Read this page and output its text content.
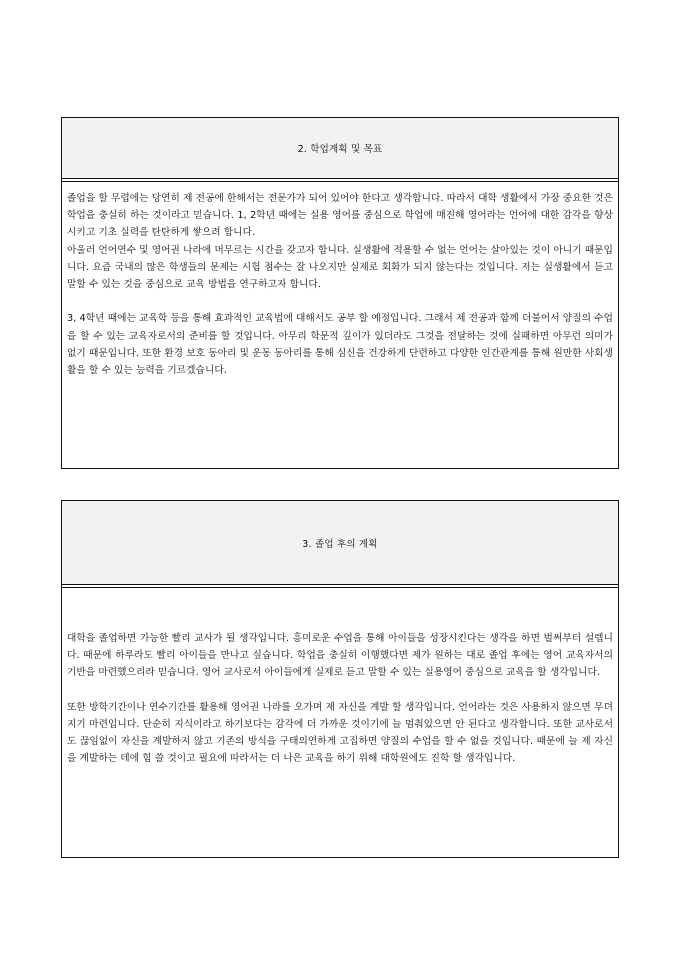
2. 학업계획 및 목표

졸업을 할 무렵에는 당연히 제 전공에 한해서는 전문가가 되어 있어야 한다고 생각합니다. 따라서 대학 생활에서 가장 중요한 것은 학업을 충실히 하는 것이라고 믿습니다. 1, 2학년 때에는 실용 영어를 중심으로 학업에 매진해 영어라는 언어에 대한 감각을 향상시키고 기초 실력을 탄탄하게 쌓으려 합니다.

아울러 언어연수 및 영어권 나라에 머무르는 시간을 갖고자 합니다. 실생활에 적용할 수 없는 언어는 살아있는 것이 아니기 때문입니다. 요즘 국내의 많은 학생들의 문제는 시험 점수는 잘 나오지만 실제로 회화가 되지 않는다는 것입니다. 저는 실생활에서 듣고 말할 수 있는 것을 중심으로 교육 방법을 연구하고자 합니다.

3, 4학년 때에는 교육학 등을 통해 효과적인 교육법에 대해서도 공부 할 예정입니다. 그래서 제 전공과 함께 더불어서 양질의 수업을 할 수 있는 교육자로서의 준비를 할 것입니다. 아무리 학문적 깊이가 있더라도 그것을 전달하는 것에 실패하면 아무런 의미가 없기 때문입니다. 또한 환경 보호 동아리 및 운동 동아리를 통해 심신을 건강하게 단련하고 다양한 인간관계를 통해 원만한 사회생활을 할 수 있는 능력을 기르겠습니다.

3. 졸업 후의 계획

대학을 졸업하면 가능한 빨리 교사가 될 생각입니다. 흥미로운 수업을 통해 아이들을 성장시킨다는 생각을 하면 벌써부터 설렙니다. 때문에 하루라도 빨리 아이들을 만나고 싶습니다. 학업을 충실히 이행했다면 제가 원하는 대로 졸업 후에는 영어 교육자서의 기반을 마련했으리라 믿습니다. 영어 교사로서 아이들에게 실제로 듣고 말할 수 있는 실용영어 중심으로 교육을 할 생각입니다.

또한 방학기간이나 연수기간를 활용해 영어권 나라를 오가며 제 자신을 계발 할 생각입니다. 언어라는 것은 사용하지 않으면 무뎌지기 마련입니다. 단순히 지식이라고 하기보다는 감각에 더 가까운 것이기에 늘 멈춰있으면 안 된다고 생각합니다. 또한 교사로서도 끊임없이 자신을 계발하지 않고 기존의 방식을 구태의연하게 고집하면 양질의 수업을 할 수 없을 것입니다. 때문에 늘 제 자신을 계발하는 데에 힘 쓸 것이고 필요에 따라서는 더 나은 교육을 하기 위해 대학원에도 진학 할 생각입니다.
